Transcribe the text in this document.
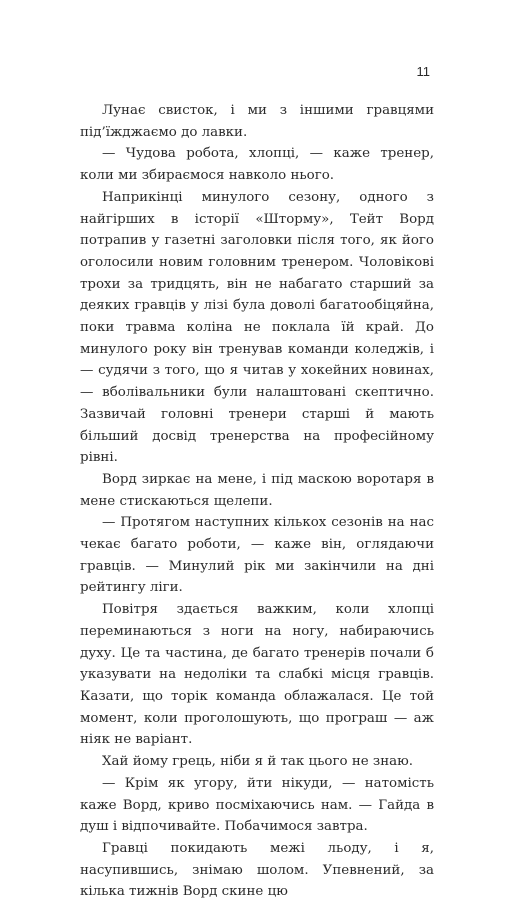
11

Лунає свисток, і ми з іншими гравцями під’їжджаємо до лавки.

— Чудова робота, хлопці, — каже тренер, коли ми збираємося навколо нього.

Наприкінці минулого сезону, одного з найгірших в історії «Шторму», Тейт Ворд потрапив у газетні заголовки після того, як його оголосили новим головним тренером. Чоловікові трохи за тридцять, він не набагато старший за деяких гравців у лізі була доволі багатообіцяйна, поки травма коліна не поклала їй край. До минулого року він тренував команди коледжів, і — судячи з того, що я читав у хокейних новинах, — вболівальники були налаштовані скептично. Зазвичай головні тренери старші й мають більший досвід тренерства на професійному рівні.

Ворд зиркає на мене, і під маскою воротаря в мене стискаються щелепи.

— Протягом наступних кількох сезонів на нас чекає багато роботи, — каже він, оглядаючи гравців. — Минулий рік ми закінчили на дні рейтингу ліги.

Повітря здається важким, коли хлопці переминаються з ноги на ногу, набираючись духу. Це та частина, де багато тренерів почали б указувати на недоліки та слабкі місця гравців. Казати, що торік команда облажалася. Це той момент, коли проголошують, що програш — аж ніяк не варіант.

Хай йому грець, ніби я й так цього не знаю.

— Крім як угору, йти нікуди, — натомість каже Ворд, криво посміхаючись нам. — Гайда в душ і відпочивайте. Побачимося завтра.

Гравці покидають межі льоду, і я, насупившись, знімаю шолом. Упевнений, за кілька тижнів Ворд скине цю
